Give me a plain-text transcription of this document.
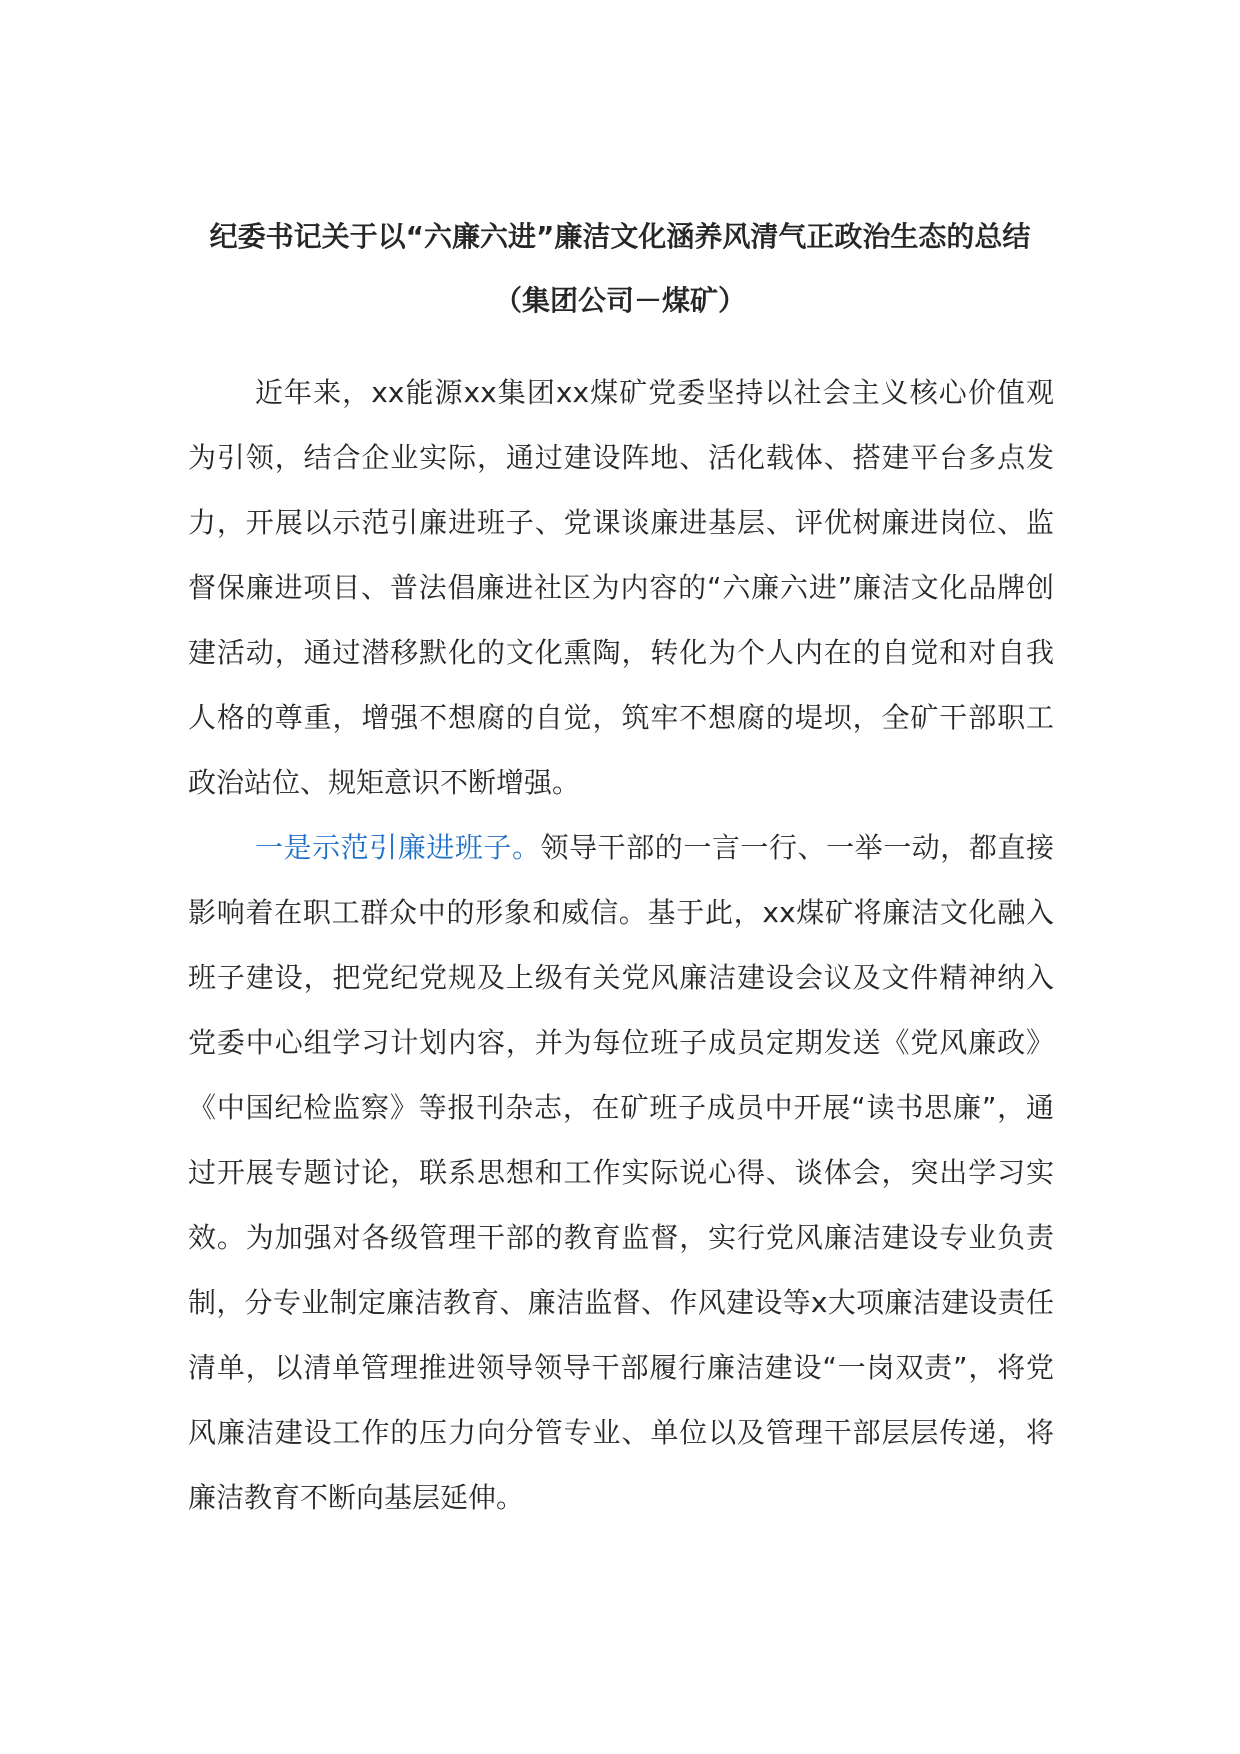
纪委书记关于以“六廉六进”廉洁文化涵养风清气正政治生态的总结（集团公司－煤矿）

近年来，xx能源xx集团xx煤矿党委坚持以社会主义核心价值观为引领，结合企业实际，通过建设阵地、活化载体、搭建平台多点发力，开展以示范引廉进班子、党课谈廉进基层、评优树廉进岗位、监督保廉进项目、普法倡廉进社区为内容的“六廉六进”廉洁文化品牌创建活动，通过潜移默化的文化熏陶，转化为个人内在的自觉和对自我人格的尊重，增强不想腐的自觉，筑牢不想腐的堤坝，全矿干部职工政治站位、规矩意识不断增强。

一是示范引廉进班子。领导干部的一言一行、一举一动，都直接影响着在职工群众中的形象和威信。基于此，xx煤矿将廉洁文化融入班子建设，把党纪党规及上级有关党风廉洁建设会议及文件精神纳入党委中心组学习计划内容，并为每位班子成员定期发送《党风廉政》《中国纪检监察》等报刊杂志，在矿班子成员中开展“读书思廉”，通过开展专题讨论，联系思想和工作实际说心得、谈体会，突出学习实效。为加强对各级管理干部的教育监督，实行党风廉洁建设专业负责制，分专业制定廉洁教育、廉洁监督、作风建设等x大项廉洁建设责任清单，以清单管理推进领导领导干部履行廉洁建设“一岗双责”，将党风廉洁建设工作的压力向分管专业、单位以及管理干部层层传递，将廉洁教育不断向基层延伸。
